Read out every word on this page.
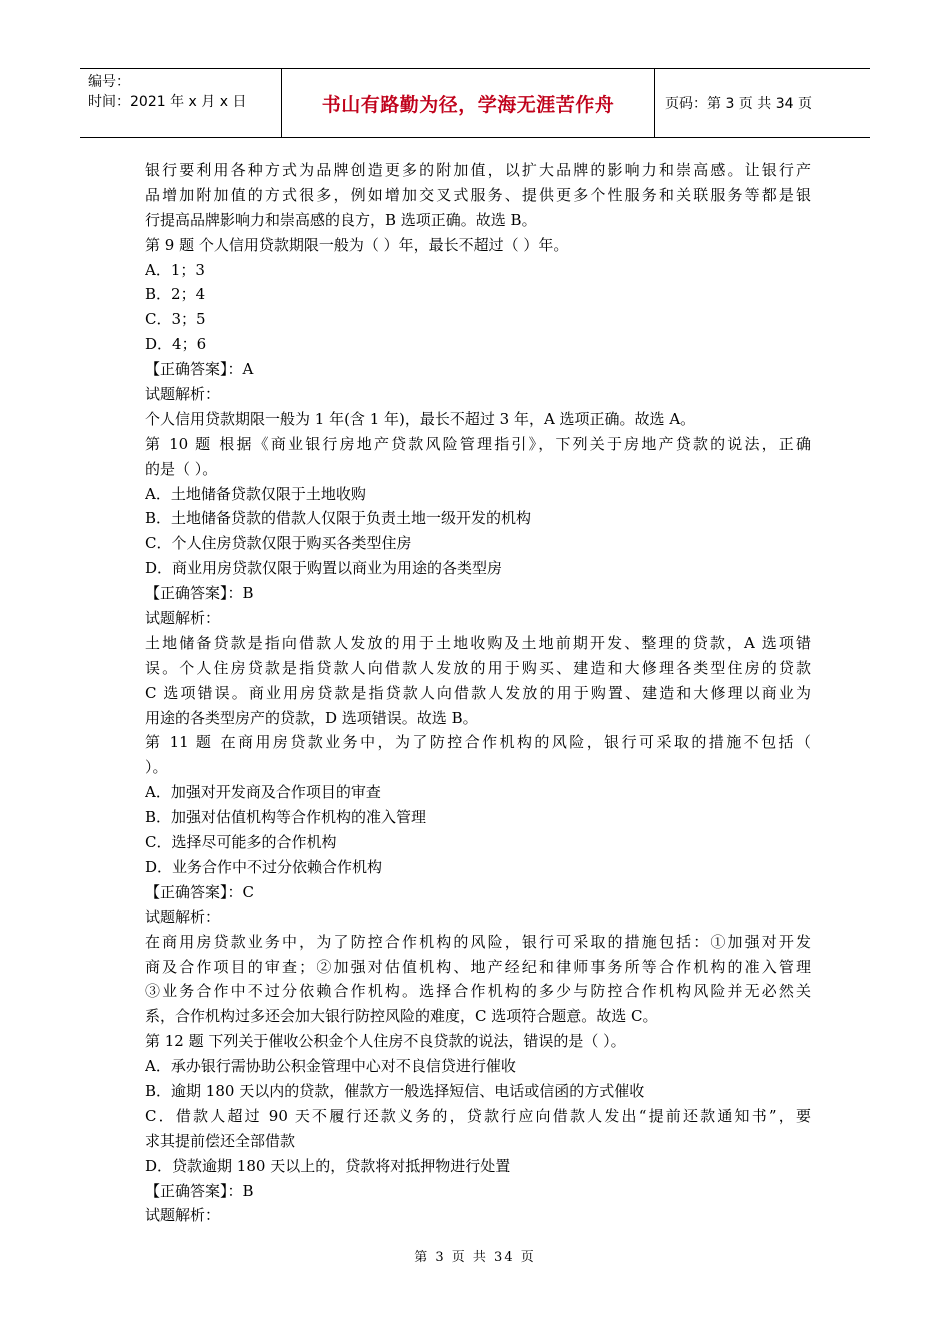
编号：
时间：2021 年 x 月 x 日	书山有路勤为径，学海无涯苦作舟	页码：第 3 页 共 34 页
银行要利用各种方式为品牌创造更多的附加值，以扩大品牌的影响力和崇高感。让银行产
品增加附加值的方式很多，例如增加交叉式服务、提供更多个性服务和关联服务等都是银
行提高品牌影响力和崇高感的良方，B 选项正确。故选 B。
第 9 题 个人信用贷款期限一般为（ ）年，最长不超过（ ）年。
A．1；3
B．2；4
C．3；5
D．4；6
【正确答案】：A
试题解析：
个人信用贷款期限一般为 1 年(含 1 年)，最长不超过 3 年，A 选项正确。故选 A。
第 10 题 根据《商业银行房地产贷款风险管理指引》，下列关于房地产贷款的说法，正确
的是（ ）。
A．土地储备贷款仅限于土地收购
B．土地储备贷款的借款人仅限于负责土地一级开发的机构
C．个人住房贷款仅限于购买各类型住房
D．商业用房贷款仅限于购置以商业为用途的各类型房
【正确答案】：B
试题解析：
土地储备贷款是指向借款人发放的用于土地收购及土地前期开发、整理的贷款，A 选项错
误。个人住房贷款是指贷款人向借款人发放的用于购买、建造和大修理各类型住房的贷款
C 选项错误。商业用房贷款是指贷款人向借款人发放的用于购置、建造和大修理以商业为
用途的各类型房产的贷款，D 选项错误。故选 B。
第 11 题 在商用房贷款业务中，为了防控合作机构的风险，银行可采取的措施不包括（
）。
A．加强对开发商及合作项目的审查
B．加强对估值机构等合作机构的准入管理
C．选择尽可能多的合作机构
D．业务合作中不过分依赖合作机构
【正确答案】：C
试题解析：
在商用房贷款业务中，为了防控合作机构的风险，银行可采取的措施包括：①加强对开发
商及合作项目的审查；②加强对估值机构、地产经纪和律师事务所等合作机构的准入管理
③业务合作中不过分依赖合作机构。选择合作机构的多少与防控合作机构风险并无必然关
系，合作机构过多还会加大银行防控风险的难度，C 选项符合题意。故选 C。
第 12 题 下列关于催收公积金个人住房不良贷款的说法，错误的是（ ）。
A．承办银行需协助公积金管理中心对不良信贷进行催收
B．逾期 180 天以内的贷款，催款方一般选择短信、电话或信函的方式催收
C．借款人超过 90 天不履行还款义务的，贷款行应向借款人发出“提前还款通知书”，要
求其提前偿还全部借款
D．贷款逾期 180 天以上的，贷款将对抵押物进行处置
【正确答案】：B
试题解析：
第 3 页 共 34 页
